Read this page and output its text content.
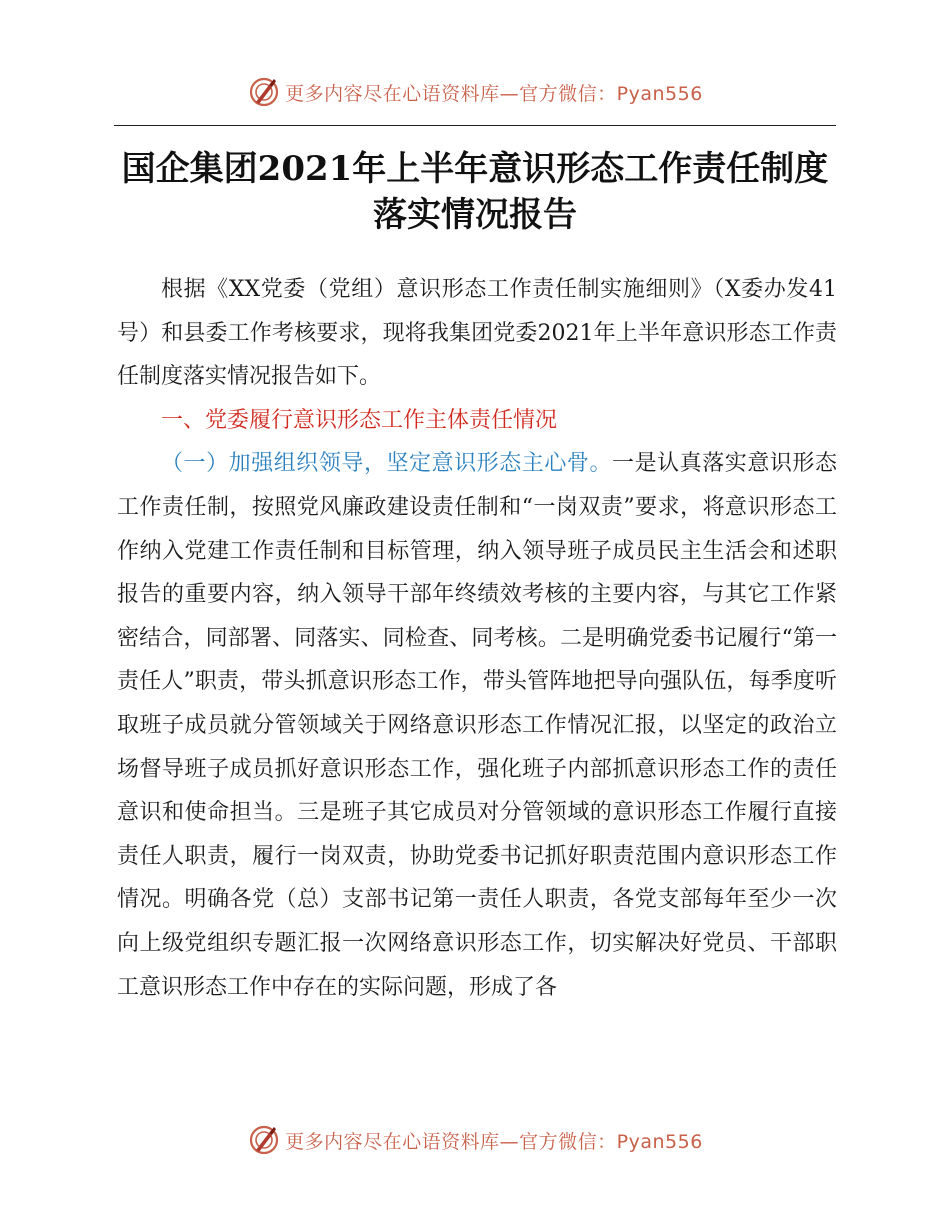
更多内容尽在心语资料库—官方微信：Pyan556
国企集团2021年上半年意识形态工作责任制度
落实情况报告

根据《XX党委（党组）意识形态工作责任制实施细则》（X委办发41号）和县委工作考核要求，现将我集团党委2021年上半年意识形态工作责任制度落实情况报告如下。

一、党委履行意识形态工作主体责任情况

（一）加强组织领导，坚定意识形态主心骨。一是认真落实意识形态工作责任制，按照党风廉政建设责任制和“一岗双责”要求，将意识形态工作纳入党建工作责任制和目标管理，纳入领导班子成员民主生活会和述职报告的重要内容，纳入领导干部年终绩效考核的主要内容，与其它工作紧密结合，同部署、同落实、同检查、同考核。二是明确党委书记履行“第一责任人”职责，带头抓意识形态工作，带头管阵地把导向强队伍，每季度听取班子成员就分管领域关于网络意识形态工作情况汇报，以坚定的政治立场督导班子成员抓好意识形态工作，强化班子内部抓意识形态工作的责任意识和使命担当。三是班子其它成员对分管领域的意识形态工作履行直接责任人职责，履行一岗双责，协助党委书记抓好职责范围内意识形态工作情况。明确各党（总）支部书记第一责任人职责，各党支部每年至少一次向上级党组织专题汇报一次网络意识形态工作，切实解决好党员、干部职工意识形态工作中存在的实际问题，形成了各

更多内容尽在心语资料库—官方微信：Pyan556
